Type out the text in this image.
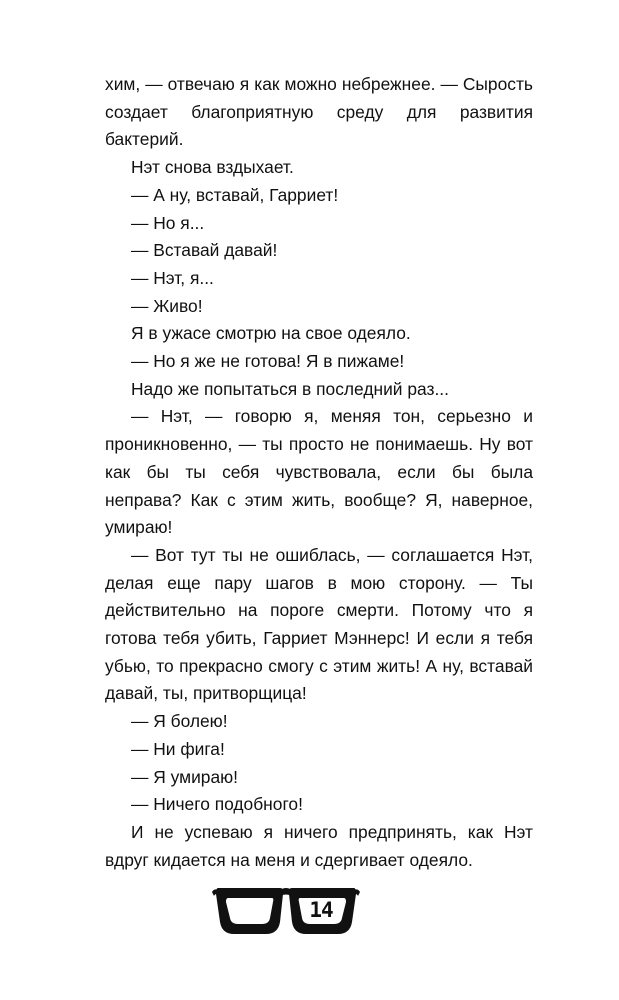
хим, — отвечаю я как можно небрежнее. — Сырость создает благоприятную среду для развития бактерий.

Нэт снова вздыхает.

— А ну, вставай, Гарриет!

— Но я...

— Вставай давай!

— Нэт, я...

— Живо!

Я в ужасе смотрю на свое одеяло.

— Но я же не готова! Я в пижаме!

Надо же попытаться в последний раз...

— Нэт, — говорю я, меняя тон, серьезно и проникновенно, — ты просто не понимаешь. Ну вот как бы ты себя чувствовала, если бы была неправа? Как с этим жить, вообще? Я, наверное, умираю!

— Вот тут ты не ошиблась, — соглашается Нэт, делая еще пару шагов в мою сторону. — Ты действительно на пороге смерти. Потому что я готова тебя убить, Гарриет Мэннерс! И если я тебя убью, то прекрасно смогу с этим жить! А ну, вставай давай, ты, притворщица!

— Я болею!

— Ни фига!

— Я умираю!

— Ничего подобного!

И не успеваю я ничего предпринять, как Нэт вдруг кидается на меня и сдергивает одеяло.

14
